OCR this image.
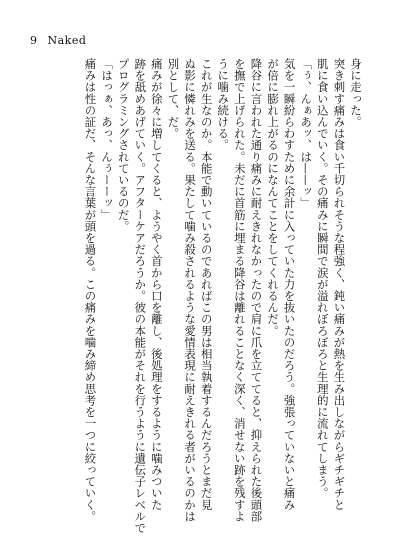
9 Naked
身に走った。
突き刺す痛みは食い千切られそうな程強く、鈍い痛みが熱を生み出しながらギチギチと
肌に食い込んでいく。その痛みに瞬間で涙が溢れぼろぼろと生理的に流れてしまう。
「ぅ、んぁあッ、は——ッ」
気を一瞬紛らわすために余計に入っていた力を抜いたのだろう。強張っていないと痛み
が倍に膨れ上がるのになんてことをしてくれるんだ。
降谷に言われた通り痛みに耐えきれなかったので肩に爪を立ててると、抑えられた後頭部
を撫で上げられた。未だに首筋に埋まる降谷は離れることなく深く、消せない跡を残すよ
うに噛み続ける。
これが生なのか。本能で動いているのであればこの男は相当執着するんだろうとまだ見
ぬ影に憐れみを送る。果たして噛み殺されるような愛情表現に耐えきれる者がいるのかは
別として、だ。
痛みが徐々に増してくると、ようやく首から口を離し、後処理をするように噛みついた
跡を舐めあげていく。アフターケアだろうか。彼の本能がそれを行うように遺伝子レベルで
プログラミングされているのだ。
「はっぁ、あっ、んぅーーッ」
痛みは性の証だ、そんな言葉が頭を過る。この痛みを噛み締め思考を一つに絞っていく。
